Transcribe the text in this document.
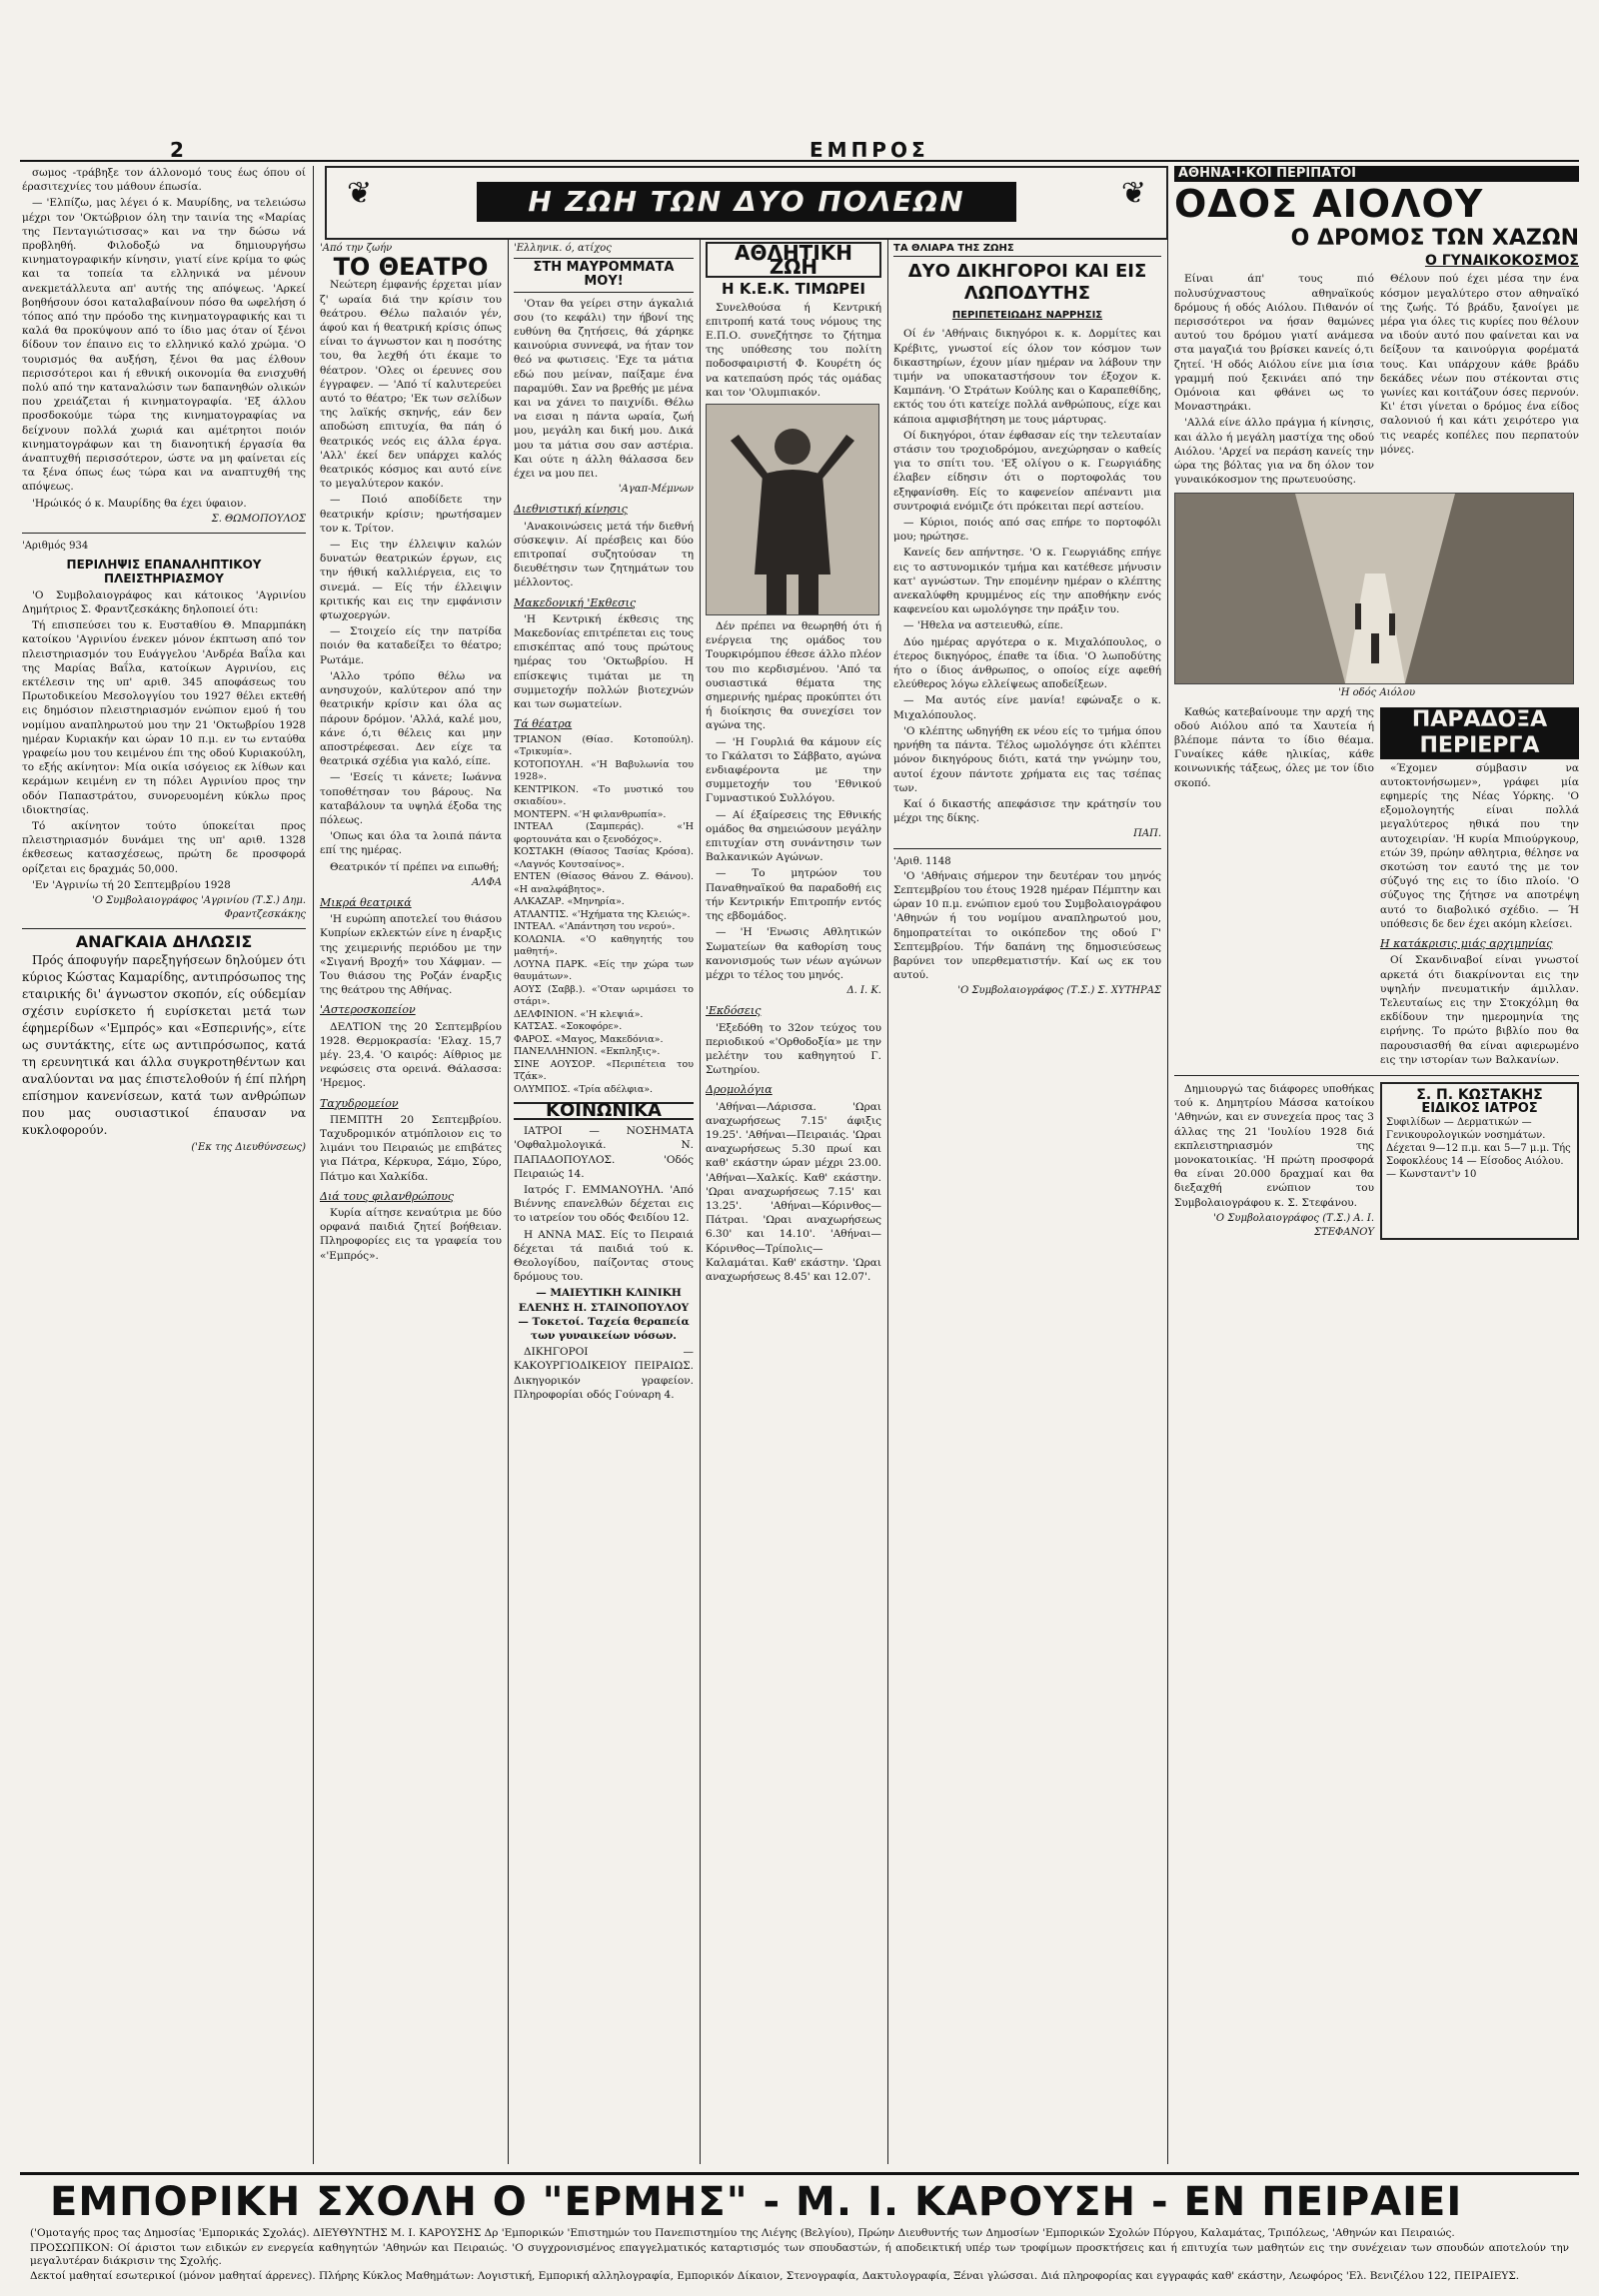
2	ΕΜΠΡΟΣ
❦	Η ΖΩΗ ΤΩΝ ΔΥΟ ΠΟΛΕΩΝ	❦

σωμος -τράβηξε τον άλλονομό τους έως όπου οί έρασιτεχνίες του μάθουν έπωσία.

— 'Ελπίζω, μας λέγει ό κ. Μαυρίδης, να τελειώσω μέχρι τον 'Οκτώβριον όλη την ταινία της «Μαρίας της Πενταγιώτισσας» και να την δώσω νά προβληθή. Φιλοδοξώ να δημιουργήσω κινηματογραφικήν κίνησιν, γιατί είνε κρίμα το φώς και τα τοπεία τα ελληνικά να μένουν ανεκμετάλλευτα απ' αυτής της απόψεως. 'Αρκεί βοηθήσουν όσοι καταλαβαίνουν πόσο θα ωφελήση ό τόπος από την πρόοδο της κινηματογραφικής και τι καλά θα προκύψουν από το ίδιο μας όταν οί ξένοι δίδουν τον έπαινο εις το ελληνικό καλό χρώμα. 'Ο τουρισμός θα αυξήση, ξένοι θα μας έλθουν περισσότεροι και ή εθνική οικονομία θα ενισχυθή πολύ από την καταναλώσιν των δαπανηθών ολικών που χρειάζεται ή κινηματογραφία. 'Εξ άλλου προσδοκούμε τώρα της κινηματογραφίας να δείχνουν πολλά χωριά και αμέτρητοι ποιόν κινηματογράφων και τη διανοητική έργασία θα άναπτυχθή περισσότερον, ώστε να μη φαίνεται είς τα ξένα όπως έως τώρα και να αναπτυχθή της απόψεως.

'Ηρώικός ό κ. Μαυρίδης θα έχει ύφαιον.

Σ. ΘΩΜΟΠΟΥΛΟΣ
'Αριθμός 934
ΠΕΡΙΛΗΨΙΣ ΕΠΑΝΑΛΗΠΤΙΚΟΥ ΠΛΕΙΣΤΗΡΙΑΣΜΟΥ

'Ο Συμβολαιογράφος και κάτοικος 'Αγρινίου Δημήτριος Σ. Φραντζεσκάκης δηλοποιεί ότι:

Τή επισπεύσει του κ. Ευσταθίου Θ. Μπαρμπάκη κατοίκου 'Αγρινίου ένεκεν μόνον έκπτωση από τον πλειστηριασμόν του Ευάγγελου 'Ανδρέα Βαΐλα και της Μαρίας Βαΐλα, κατοίκων Αγρινίου, εις εκτέλεσιν της υπ' αριθ. 345 αποφάσεως του Πρωτοδικείου Μεσολογγίου του 1927 θέλει εκτεθή εις δημόσιον πλειστηριασμόν ενώπιον εμού ή του νομίμου αναπληρωτού μου την 21 'Οκτωβρίου 1928 ημέραν Κυριακήν και ώραν 10 π.μ. εν τω ενταύθα γραφείω μου του κειμένου έπι της οδού Κυριακούλη, το εξής ακίνητον: Μία οικία ισόγειος εκ λίθων και κεράμων κειμένη εν τη πόλει Αγρινίου προς την οδόν Παπαστράτου, συνορευομένη κύκλω προς ιδιοκτησίας.

Τό ακίνητον τούτο ύποκείται προς πλειστηριασμόν δυνάμει της υπ' αριθ. 1328 έκθεσεως κατασχέσεως, πρώτη δε προσφορά ορίζεται εις δραχμάς 50,000.

'Εν 'Αγρινίω τή 20 Σεπτεμβρίου 1928

'Ο Συμβολαιογράφος 'Αγρινίου (Τ.Σ.) Δημ. Φραντζεσκάκης
ΑΝΑΓΚΑΙΑ ΔΗΛΩΣΙΣ

Πρός άποφυγήν παρεξηγήσεων δηλούμεν ότι κύριος Κώστας Καμαρίδης, αντιπρόσωπος της εταιρικής δι' άγνωστον σκοπόν, είς ούδεμίαν σχέσιν ευρίσκετο ή ευρίσκεται μετά των έφημερίδων «'Εμπρός» και «Εσπερινής», είτε ως συντάκτης, είτε ως αντιπρόσωπος, κατά τη ερευνητικά και άλλα συγκροτηθέντων και αναλύονται να μας έπιστελοθούν ή έπί πλήρη επίσημον κανενίσεων, κατά των ανθρώπων που μας ουσιαστικοί έπαυσαν να κυκλοφορούν.

('Εκ της Διευθύνσεως)
'Από την ζωήν
ΤΟ ΘΕΑΤΡΟ

Νεώτερη έμφανής έρχεται μίαν ζ' ωραία διά την κρίσιν του θεάτρου. Θέλω παλαιόν γέν, άφού και ή θεατρική κρίσις όπως είναι το άγνωστον και η ποσότης του, θα λεχθή ότι έκαμε το θέατρον. 'Ολες οι έρευνες σου έγγραφεν. — 'Από τί καλυτερεύει αυτό το θέατρο; 'Εκ των σελίδων της λαϊκής σκηνής, εάν δεν αποδώση επιτυχία, θα πάη ό θεατρικός νεός εις άλλα έργα. 'Αλλ' έκεί δεν υπάρχει καλός θεατρικός κόσμος και αυτό είνε το μεγαλύτερον κακόν.

— Ποιό αποδίδετε την θεατρικήν κρίσιν; ηρωτήσαμεν τον κ. Τρίτον.

— Εις την έλλειψιν καλών δυνατών θεατρικών έργων, εις την ήθική καλλιέργεια, εις το σινεμά. — Είς τήν έλλειψιν κριτικής και εις την εμφάνισιν φτωχοεργών.

— Στοιχείο είς την πατρίδα ποιόν θα καταδείξει το θέατρο; Ρωτάμε.

'Αλλο τρόπο θέλω να ανησυχούν, καλύτερον από την θεατρικήν κρίσιν και όλα ας πάρουν δρόμον. 'Αλλά, καλέ μου, κάνε ό,τι θέλεις και μην αποστρέφεσαι. Δεν είχε τα θεατρικά σχέδια για καλό, είπε.

— 'Εσείς τι κάνετε; Ιωάννα τοποθέτησαν του βάρους. Να καταβάλουν τα υψηλά έξοδα της πόλεως.

'Οπως και όλα τα λοιπά πάντα επί της ημέρας.

Θεατρικόν τί πρέπει να ειπωθή;

ΑΛΦΑ
Μικρά θεατρικά

'Η ευρώπη αποτελεί του θιάσου Κυπρίων εκλεκτών είνε η έναρξις της χειμερινής περιόδου με την «Σιγανή Βροχή» του Χάφμαν. — Του θιάσου της Ροζάν έναρξις της θεάτρου της Αθήνας.

'Αστεροσκοπείον

ΔΕΛΤΙΟΝ της 20 Σεπτεμβρίου 1928. Θερμοκρασία: 'Ελαχ. 15,7 μέγ. 23,4. 'Ο καιρός: Αίθριος με νεφώσεις στα ορεινά. Θάλασσα: 'Ηρεμος.

Ταχυδρομείον

ΠΕΜΠΤΗ 20 Σεπτεμβρίου. Ταχυδρομικόν ατμόπλοιον εις το λιμάνι του Πειραιώς με επιβάτες για Πάτρα, Κέρκυρα, Σάμο, Σύρο, Πάτμο και Χαλκίδα.

Διά τους φιλανθρώπους

Κυρία αίτησε κεναύτρια με δύο ορφανά παιδιά ζητεί βοήθειαν. Πληροφορίες εις τα γραφεία του «'Εμπρός».

'Ελληνικ. ό, ατίχος
ΣΤΗ ΜΑΥΡΟΜΜΑΤΑ ΜΟΥ!

'Οταν θα γείρει στην άγκαλιά σου (το κεφάλι) την ήβονί της ευθύνη θα ζητήσεις, θά χάρηκε καινούρια συννεφά, να ήταν τον θεό να φωτισεις. 'Εχε τα μάτια εδώ που μείναν, παίξαμε ένα παραμύθι. Σαν να βρεθής με μένα και να χάνει το παιχνίδι. Θέλω να εισαι η πάντα ωραία, ζωή μου, μεγάλη και δική μου. Δικά μου τα μάτια σου σαν αστέρια. Και ούτε η άλλη θάλασσα δεν έχει να μου πει.

'Αγαπ-Μέμνων
Διεθνιστική κίνησις

'Ανακοινώσεις μετά τήν διεθνή σύσκεψιν. Αί πρέσβεις και δύο επιτροπαί συζητούσαν τη διευθέτησιν των ζητημάτων του μέλλοντος.

Μακεδονική 'Εκθεσις

'Η Κεντρική έκθεσις της Μακεδονίας επιτρέπεται εις τους επισκέπτας από τους πρώτους ημέρας του 'Οκτωβρίου. Η επίσκεψις τιμάται με τη συμμετοχήν πολλών βιοτεχνών και των σωματείων.

Τά θέατρα
ΤΡΙΑΝΟΝ (Θίασ. Κοτοπούλη). «Τρικυμία».
ΚΟΤΟΠΟΥΛΗ. «'Η Βαβυλωνία του 1928».
ΚΕΝΤΡΙΚΟΝ. «Το μυστικό του σκιαδίου».
ΜΟΝΤΕΡΝ. «'Η φιλανθρωπία».
ΙΝΤΕΑΛ (Σαμπεράς). «'Η φορτουνάτα και ο ξενοδόχος».
ΚΟΣΤΑΚΗ (Θίασος Τασίας Κρόσα). «Λαγνός Κουτσαίνος».
ΕΝΤΕΝ (Θίασος Θάνου Ζ. Θάνου). «Η αναλφάβητος».
ΑΛΚΑΖΑΡ. «Μηνηρία».
ΑΤΛΑΝΤΙΣ. «'Ηχήματα της Κλειώς».
ΙΝΤΕΑΛ. «'Απάντηση του νερού».
ΚΟΛΩΝΙΑ. «'Ο καθηγητής του μαθητή».
ΛΟΥΝΑ ΠΑΡΚ. «Είς την χώρα των θαυμάτων».
ΑΟΥΣ (Σαββ.). «'Οταν ωριμάσει το στάρι».
ΔΕΛΦΙΝΙΟΝ. «'Η κλεψιά».
ΚΑΤΣΑΣ. «Σοκοφόρε».
ΦΑΡΟΣ. «Μαγος, Μακεδόνια».
ΠΑΝΕΛΛΗΝΙΟΝ. «Εκπληξις».
ΣΙΝΕ ΑΟΥΣΟΡ. «Περιπέτεια του Τζάκ».
ΟΛΥΜΠΟΣ. «Τρία αδέλφια».
ΚΟΙΝΩΝΙΚΑ

ΙΑΤΡΟΙ — ΝΟΣΗΜΑΤΑ 'Οφθαλμολογικά. Ν. ΠΑΠΑΔΟΠΟΥΛΟΣ. 'Οδός Πειραιώς 14.

Ιατρός Γ. ΕΜΜΑΝΟΥΗΛ. 'Από Βιέννης επανελθών δέχεται εις το ιατρείον του οδός Φειδίου 12.

Η ΑΝΝΑ ΜΑΣ. Είς το Πειραιά δέχεται τά παιδιά τού κ. Θεολογίδου, παίζοντας στους δρόμους του.

— ΜΑΙΕΥΤΙΚΗ ΚΛΙΝΙΚΗ ΕΛΕΝΗΣ Η. ΣΤΑΙΝΟΠΟΥΛΟΥ — Τοκετοί. Ταχεία θεραπεία των γυναικείων νόσων.

ΔΙΚΗΓΟΡΟΙ — ΚΑΚΟΥΡΓΙΟΔΙΚΕΙΟΥ ΠΕΙΡΑΙΩΣ. Δικηγορικόν γραφείον. Πληροφορίαι οδός Γούναρη 4.

ΑΘΛΗΤΙΚΗ ΖΩΗ
Η Κ.Ε.Κ. ΤΙΜΩΡΕΙ

Συνελθούσα ή Κεντρική επιτροπή κατά τους νόμους της Ε.Π.Ο. συνεζήτησε το ζήτημα της υπόθεσης του πολίτη ποδοσφαιριστή Φ. Κουρέτη ός να κατεπαύση πρός τάς ομάδας και τον 'Ολυμπιακόν.

Δέν πρέπει να θεωρηθή ότι ή ενέργεια της ομάδος του Τουρκιρόμπου έθεσε άλλο πλέον του πιο κερδισμένου. 'Από τα ουσιαστικά θέματα της σημερινής ημέρας προκύπτει ότι ή διοίκησις θα συνεχίσει τον αγώνα της.

— 'Η Γουρλιά θα κάμουν είς το Γκάλατσι το Σάββατο, αγώνα ενδιαφέροντα με την συμμετοχήν του 'Εθνικού Γυμναστικού Συλλόγου.

— Αί έξαίρεσεις της Εθνικής ομάδος θα σημειώσουν μεγάλην επιτυχίαν στη συνάντησιν των Βαλκανικών Αγώνων.

— Το μητρώον του Παναθηναϊκού θα παραδοθή εις τήν Κεντρικήν Επιτροπήν εντός της εβδομάδος.

— 'Η 'Ενωσις Αθλητικών Σωματείων θα καθορίση τους κανονισμούς των νέων αγώνων μέχρι το τέλος του μηνός.

Δ. Ι. Κ.
'Εκδόσεις

'Εξεδόθη το 32ον τεύχος του περιοδικού «'Ορθοδοξία» με την μελέτην του καθηγητού Γ. Σωτηρίου.

Δρομολόγια

'Αθήναι—Λάρισσα. 'Ωραι αναχωρήσεως 7.15' άφιξις 19.25'. 'Αθήναι—Πειραιάς. 'Ωραι αναχωρήσεως 5.30 πρωί και καθ' εκάστην ώραν μέχρι 23.00. 'Αθήναι—Χαλκίς. Καθ' εκάστην. 'Ωραι αναχωρήσεως 7.15' και 13.25'. 'Αθήναι—Κόρινθος—Πάτραι. 'Ωραι αναχωρήσεως 6.30' και 14.10'. 'Αθήναι—Κόρινθος—Τρίπολις—Καλαμάται. Καθ' εκάστην. 'Ωραι αναχωρήσεως 8.45' και 12.07'.

ΤΑ ΘΛΙΑΡΑ ΤΗΣ ΖΩΗΣ
ΔΥΟ ΔΙΚΗΓΟΡΟΙ ΚΑΙ ΕΙΣ ΛΩΠΟΔΥΤΗΣ
ΠΕΡΙΠΕΤΕΙΩΔΗΣ ΝΑΡΡΗΣΙΣ

Οί έν 'Αθήναις δικηγόροι κ. κ. Δορμίτες και Κρέβιτς, γνωστοί είς όλον τον κόσμον των δικαστηρίων, έχουν μίαν ημέραν να λάβουν την τιμήν να υποκαταστήσουν τον έξοχον κ. Καμπάνη. 'Ο Στράτων Κούλης και ο Καραπεθίδης, εκτός του ότι κατείχε πολλά ανθρώπους, είχε και κάποια αμφισβήτηση με τους μάρτυρας.

Οί δικηγόροι, όταν έφθασαν είς την τελευταίαν στάσιν του τροχιοδρόμου, ανεχώρησαν ο καθείς για το σπίτι του. 'Εξ ολίγου ο κ. Γεωργιάδης έλαβεν είδησιν ότι ο πορτοφολάς του εξηφανίσθη. Είς το καφενείον απέναντι μια συντροφιά ενόμιζε ότι πρόκειται περί αστείου.

— Κύριοι, ποιός από σας επήρε το πορτοφόλι μου; ηρώτησε.

Κανείς δεν απήντησε. 'Ο κ. Γεωργιάδης επήγε εις το αστυνομικόν τμήμα και κατέθεσε μήνυσιν κατ' αγνώστων. Την επομένην ημέραν ο κλέπτης ανεκαλύφθη κρυμμένος είς την αποθήκην ενός καφενείου και ωμολόγησε την πράξιν του.

— 'Ηθελα να αστειευθώ, είπε.

Δύο ημέρας αργότερα ο κ. Μιχαλόπουλος, ο έτερος δικηγόρος, έπαθε τα ίδια. 'Ο λωποδύτης ήτο ο ίδιος άνθρωπος, ο οποίος είχε αφεθή ελεύθερος λόγω ελλείψεως αποδείξεων.

— Μα αυτός είνε μανία! εφώναξε ο κ. Μιχαλόπουλος.

'Ο κλέπτης ωδηγήθη εκ νέου είς το τμήμα όπου ηρνήθη τα πάντα. Τέλος ωμολόγησε ότι κλέπτει μόνον δικηγόρους διότι, κατά την γνώμην του, αυτοί έχουν πάντοτε χρήματα εις τας τσέπας των.

Καί ό δικαστής απεφάσισε την κράτησίν του μέχρι της δίκης.

ΠΑΠ.
'Αριθ. 1148

'Ο 'Αθήναις σήμερον την δευτέραν του μηνός Σεπτεμβρίου του έτους 1928 ημέραν Πέμπτην και ώραν 10 π.μ. ενώπιον εμού του Συμβολαιογράφου 'Αθηνών ή του νομίμου αναπληρωτού μου, δημοπρατείται το οικόπεδον της οδού Γ' Σεπτεμβρίου. Τήν δαπάνη της δημοσιεύσεως βαρύνει τον υπερθεματιστήν. Καί ως εκ του αυτού.

'Ο Συμβολαιογράφος (Τ.Σ.) Σ. ΧΥΤΗΡΑΣ
ΑΘΗΝΑ·Ι·ΚΟΙ ΠΕΡΙΠΑΤΟΙ
ΟΔΟΣ ΑΙΟΛΟΥ
Ο ΔΡΟΜΟΣ ΤΩΝ ΧΑΖΩΝ
Ο ΓΥΝΑΙΚΟΚΟΣΜΟΣ

Είναι άπ' τους πιό πολυσύχναστους αθηναϊκούς δρόμους ή οδός Αιόλου. Πιθανόν οί περισσότεροι να ήσαν θαμώνες αυτού του δρόμου γιατί ανάμεσα στα μαγαζιά του βρίσκει κανείς ό,τι ζητεί. 'Η οδός Αιόλου είνε μια ίσια γραμμή πού ξεκινάει από την Ομόνοια και φθάνει ως το Μοναστηράκι.

'Αλλά είνε άλλο πράγμα ή κίνησις, και άλλο ή μεγάλη μαστίχα της οδού Αιόλου. 'Αρχεί να περάση κανείς την ώρα της βόλτας για να δη όλον τον γυναικόκοσμον της πρωτευούσης.

Θέλουν πού έχει μέσα την ένα κόσμον μεγαλύτερο στον αθηναϊκό της ζωής. Τό βράδυ, ξανοίγει με μέρα για όλες τις κυρίες που θέλουν να ιδούν αυτό που φαίνεται και να δείξουν τα καινούργια φορέματά τους. Και υπάρχουν κάθε βράδυ δεκάδες νέων που στέκονται στις γωνίες και κοιτάζουν όσες περνούν. Κι' έτσι γίνεται ο δρόμος ένα είδος σαλονιού ή και κάτι χειρότερο για τις νεαρές κοπέλες που περπατούν μόνες.

'Η οδός Αιόλου

Καθώς κατεβαίνουμε την αρχή της οδού Αιόλου από τα Χαυτεία ή βλέπομε πάντα το ίδιο θέαμα. Γυναίκες κάθε ηλικίας, κάθε κοινωνικής τάξεως, όλες με τον ίδιο σκοπό.

ΠΑΡΑΔΟΞΑ ΠΕΡΙΕΡΓΑ

«Έχομεν σύμβασιν να αυτοκτονήσωμεν», γράφει μία εφημερίς της Νέας Υόρκης. 'Ο εξομολογητής είναι πολλά μεγαλύτερος ηθικά που την αυτοχειρίαν. 'Η κυρία Μπιούργκουρ, ετών 39, πρώην αθλητρια, θέλησε να σκοτώση τον εαυτό της με τον σύζυγό της εις το ίδιο πλοίο. 'Ο σύζυγος της ζήτησε να αποτρέψη αυτό το διαβολικό σχέδιο. — Ή υπόθεσις δε δεν έχει ακόμη κλείσει.

Η κατάκρισις μιάς αρχιμηνίας

Οί Σκανδιναβοί είναι γνωστοί αρκετά ότι διακρίνονται εις την υψηλήν πνευματικήν άμιλλαν. Τελευταίως εις την Στοκχόλμη θα εκδίδουν την ημερομηνία της ειρήνης. Το πρώτο βιβλίο που θα παρουσιασθή θα είναι αφιερωμένο εις την ιστορίαν των Βαλκανίων.

Δημιουργώ τας διάφορες υποθήκας τού κ. Δημητρίου Μάσσα κατοίκου 'Αθηνών, και εν συνεχεία προς τας 3 άλλας της 21 'Ιουλίου 1928 διά εκπλειστηριασμόν της μονοκατοικίας. 'Η πρώτη προσφορά θα είναι 20.000 δραχμαί και θα διεξαχθή ενώπιον του Συμβολαιογράφου κ. Σ. Στεφάνου.

'Ο Συμβολαιογράφος (Τ.Σ.) Α. Ι. ΣΤΕΦΑΝΟΥ
Σ. Π. ΚΩΣΤΑΚΗΣ
ΕΙΔΙΚΟΣ ΙΑΤΡΟΣ
Συφιλίδων — Δερματικών — Γενικουρολογικών νοσημάτων. Δέχεται 9—12 π.μ. και 5—7 μ.μ. Τής Σοφοκλέους 14 — Είσοδος Αιόλου. — Κωνσταντ'ν 10
ΕΜΠΟΡΙΚΗ ΣΧΟΛΗ Ο "ΕΡΜΗΣ" - Μ. Ι. ΚΑΡΟΥΣΗ - ΕΝ ΠΕΙΡΑΙΕΙ
('Ομοταγής προς τας Δημοσίας 'Εμπορικάς Σχολάς). ΔΙΕΥΘΥΝΤΗΣ Μ. Ι. ΚΑΡΟΥΣΗΣ Δρ 'Εμπορικών 'Επιστημών του Πανεπιστημίου της Λιέγης (Βελγίου), Πρώην Διευθυντής των Δημοσίων 'Εμπορικών Σχολών Πύργου, Καλαμάτας, Τριπόλεως, 'Αθηνών και Πειραιώς.
ΠΡΟΣΩΠΙΚΟΝ: Οί άριστοι των ειδικών εν ενεργεία καθηγητών 'Αθηνών και Πειραιώς. 'Ο συγχρονισμένος επαγγελματικός καταρτισμός των σπουδαστών, ή αποδεικτική υπέρ των τροφίμων προσκτήσεις και ή επιτυχία των μαθητών εις την συνέχειαν των σπουδών αποτελούν την μεγαλυτέραν διάκρισιν της Σχολής.
Δεκτοί μαθηταί εσωτερικοί (μόνον μαθηταί άρρενες). Πλήρης Κύκλος Μαθημάτων: Λογιστική, Εμπορική αλληλογραφία, Εμπορικόν Δίκαιον, Στενογραφία, Δακτυλογραφία, Ξέναι γλώσσαι. Διά πληροφορίας και εγγραφάς καθ' εκάστην, Λεωφόρος 'Ελ. Βενιζέλου 122, ΠΕΙΡΑΙΕΥΣ.
